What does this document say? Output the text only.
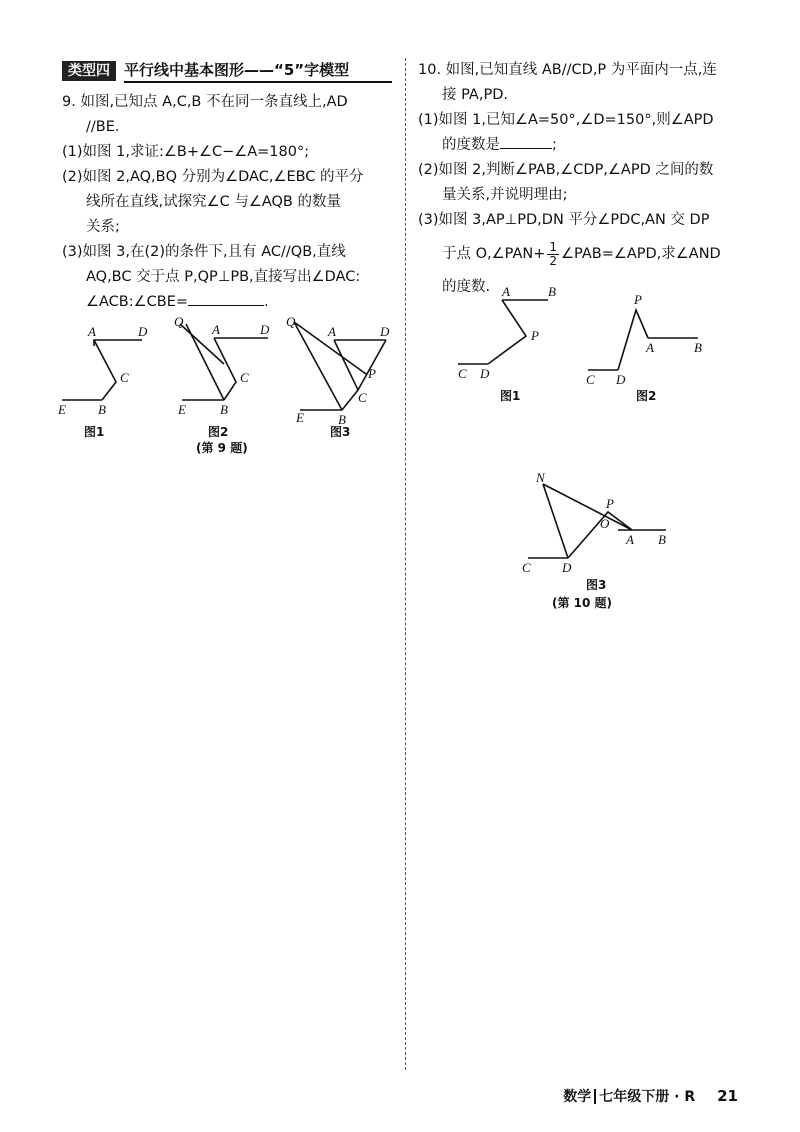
类型四 平行线中基本图形——“5”字模型
9. 如图,已知点 A,C,B 不在同一条直线上,AD
//BE.
(1)如图 1,求证:∠B+∠C−∠A=180°;
(2)如图 2,AQ,BQ 分别为∠DAC,∠EBC 的平分
线所在直线,试探究∠C 与∠AQB 的数量
关系;
(3)如图 3,在(2)的条件下,且有 AC//QB,直线
AQ,BC 交于点 P,QP⊥PB,直接写出∠DAC:
∠ACB:∠CBE=	.
A	D
C
B
E
图1
Q
A	D
C
B
E
图2
(第 9 题)
Q
A	D
P
C
B
E
图3
10. 如图,已知直线 AB//CD,P 为平面内一点,连
接 PA,PD.
(1)如图 1,已知∠A=50°,∠D=150°,则∠APD
的度数是	;
(2)如图 2,判断∠PAB,∠CDP,∠APD 之间的数
量关系,并说明理由;
(3)如图 3,AP⊥PD,DN 平分∠PDC,AN 交 DP
于点 O,∠PAN+ $\frac{1}{2}$ ∠PAB=∠APD,求∠AND
的度数. A	B
P
C D
图1
P
A	B
C D
图2
N
P
O
A B
C D
图3
(第 10 题)
数学 七年级下册 · R 21
